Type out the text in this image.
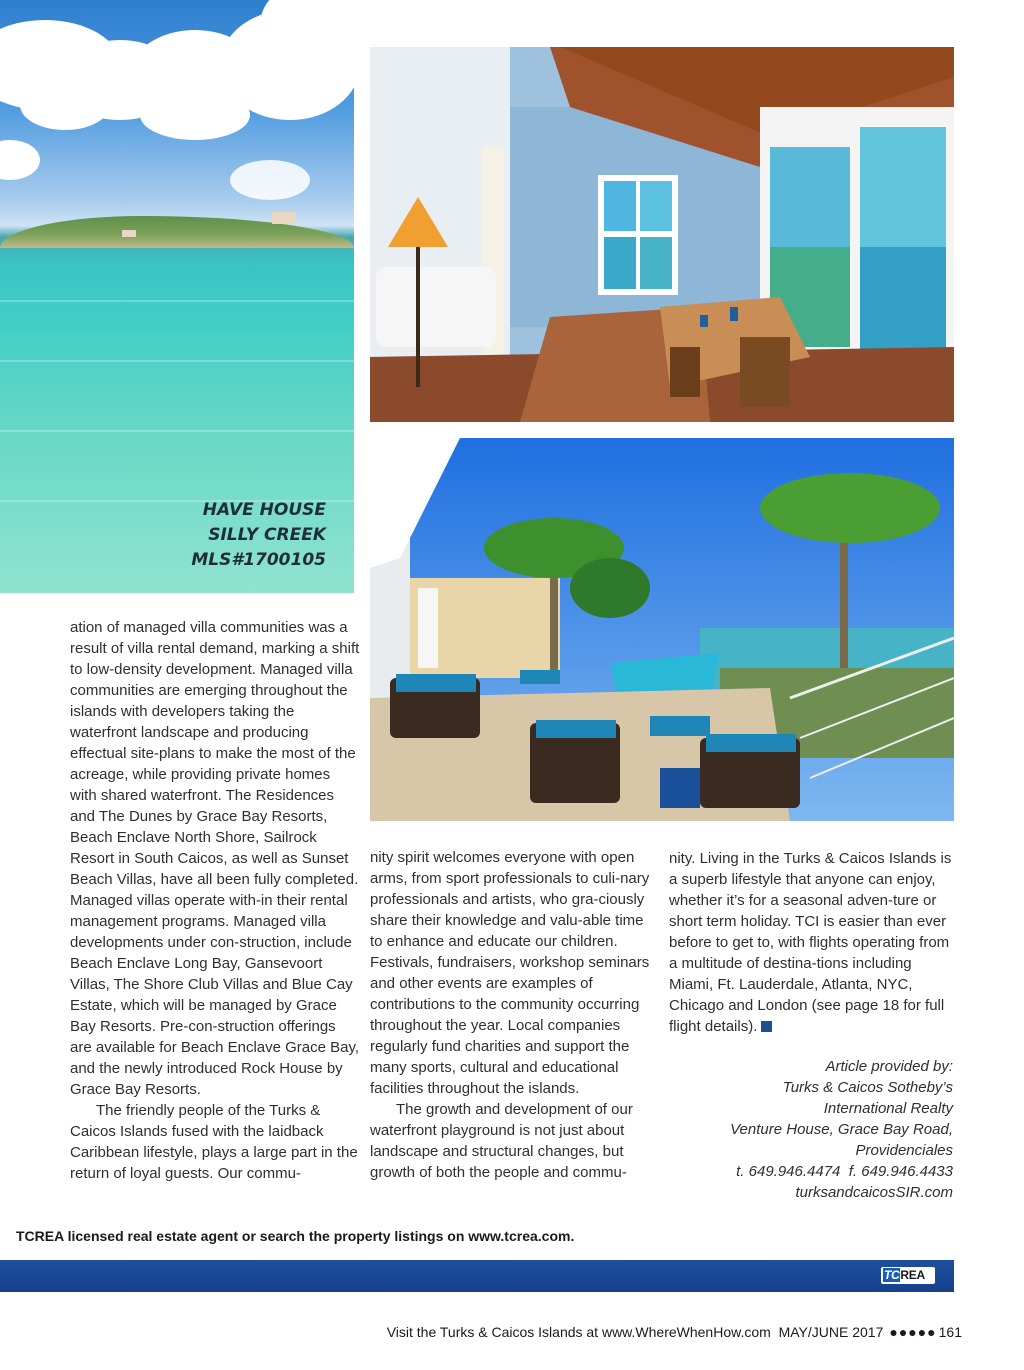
HAVE HOUSE
SILLY CREEK
MLS#1700105

ation of managed villa communities was a result of villa rental demand, marking a shift to low-density development. Managed villa communities are emerging throughout the islands with developers taking the waterfront landscape and producing effectual site-plans to make the most of the acreage, while providing private homes with shared waterfront. The Residences and The Dunes by Grace Bay Resorts, Beach Enclave North Shore, Sailrock Resort in South Caicos, as well as Sunset Beach Villas, have all been fully completed. Managed villas operate with-in their rental management programs. Managed villa developments under con-struction, include Beach Enclave Long Bay, Gansevoort Villas, The Shore Club Villas and Blue Cay Estate, which will be managed by Grace Bay Resorts. Pre-con-struction offerings are available for Beach Enclave Grace Bay, and the newly introduced Rock House by Grace Bay Resorts.

The friendly people of the Turks & Caicos Islands fused with the laidback Caribbean lifestyle, plays a large part in the return of loyal guests. Our commu-

nity spirit welcomes everyone with open arms, from sport professionals to culi-nary professionals and artists, who gra-ciously share their knowledge and valu-able time to enhance and educate our children. Festivals, fundraisers, workshop seminars and other events are examples of contributions to the community occurring throughout the year. Local companies regularly fund charities and support the many sports, cultural and educational facilities throughout the islands.

The growth and development of our waterfront playground is not just about landscape and structural changes, but growth of both the people and commu-

nity. Living in the Turks & Caicos Islands is a superb lifestyle that anyone can enjoy, whether it’s for a seasonal adven-ture or short term holiday. TCI is easier than ever before to get to, with flights operating from a multitude of destina-tions including Miami, Ft. Lauderdale, Atlanta, NYC, Chicago and London (see page 18 for full flight details).

Article provided by:
Turks & Caicos Sotheby’s
International Realty
Venture House, Grace Bay Road,
Providenciales
t. 649.946.4474  f. 649.946.4433
turksandcaicosSIR.com
TCREA licensed real estate agent or search the property listings on www.tcrea.com.
TCREA
Visit the Turks & Caicos Islands at www.WhereWhenHow.com  MAY/JUNE 2017 ●●●●● 161
